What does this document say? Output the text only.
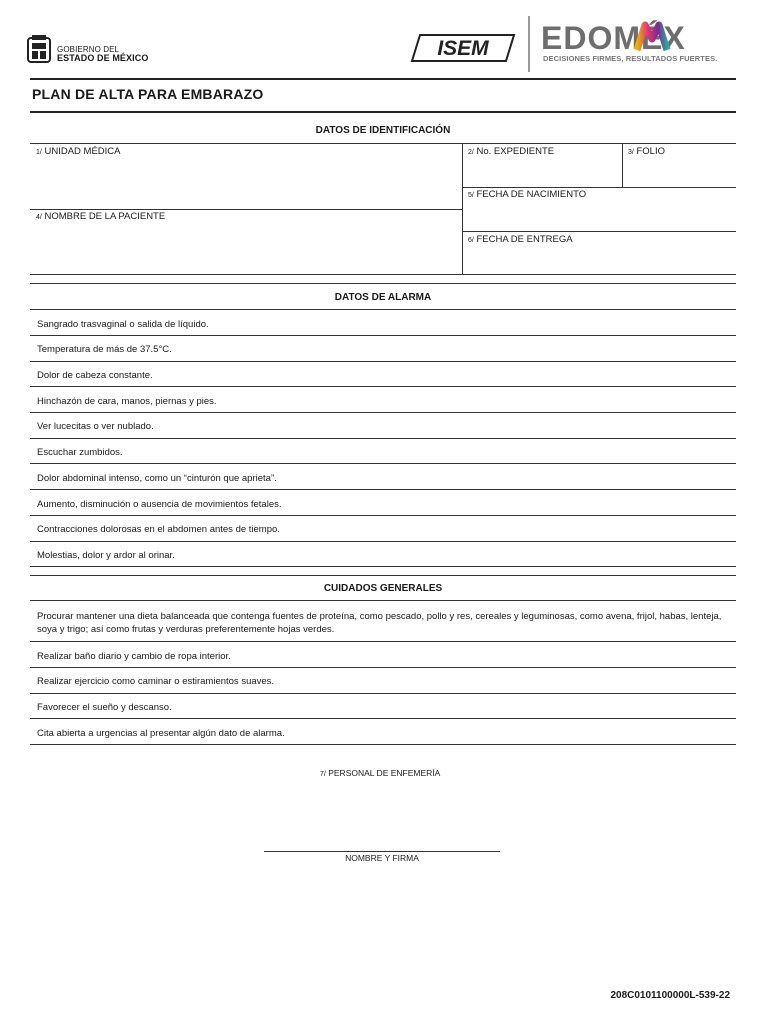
GOBIERNO DEL
ESTADO DE MÉXICO	ISEM EDOMÉX
DECISIONES FIRMES, RESULTADOS FUERTES.
PLAN DE ALTA PARA EMBARAZO
DATOS DE IDENTIFICACIÓN
1/ UNIDAD MÉDICA	2/ No. EXPEDIENTE	3/ FOLIO
4/ NOMBRE DE LA PACIENTE
5/ FECHA DE NACIMIENTO
6/ FECHA DE ENTREGA
DATOS DE ALARMA
Sangrado trasvaginal o salida de líquido.
Temperatura de más de 37.5°C.
Dolor de cabeza constante.
Hinchazón de cara, manos, piernas y pies.
Ver lucecitas o ver nublado.
Escuchar zumbidos.
Dolor abdominal intenso, como un “cinturón que aprieta”.
Aumento, disminución o ausencia de movimientos fetales.
Contracciones dolorosas en el abdomen antes de tiempo.
Molestias, dolor y ardor al orinar.
CUIDADOS GENERALES
Procurar mantener una dieta balanceada que contenga fuentes de proteína, como pescado, pollo y res, cereales y leguminosas, como avena, frijol, habas, lenteja, soya y trigo; así como frutas y verduras preferentemente hojas verdes.
Realizar baño diario y cambio de ropa interior.
Realizar ejercicio como caminar o estiramientos suaves.
Favorecer el sueño y descanso.
Cita abierta a urgencias al presentar algún dato de alarma.
7/ PERSONAL DE ENFEMERÍA
NOMBRE Y FIRMA
208C0101100000L-539-22
